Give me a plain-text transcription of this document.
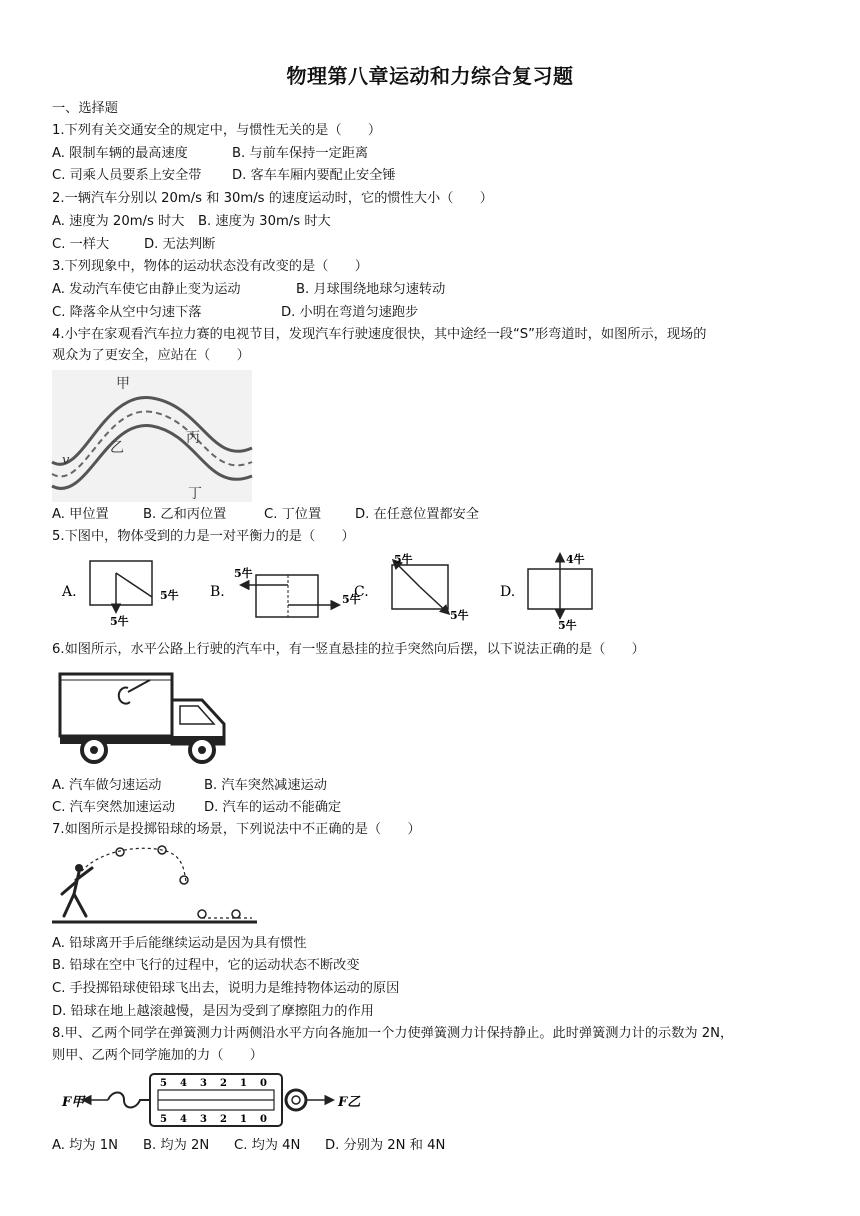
物理第八章运动和力综合复习题
一、选择题
1.下列有关交通安全的规定中，与惯性无关的是（　　）
A. 限制车辆的最高速度	B. 与前车保持一定距离
C. 司乘人员要系上安全带 D. 客车车厢内要配止安全锤
2.一辆汽车分别以 20m/s 和 30m/s 的速度运动时，它的惯性大小（　　）
A. 速度为 20m/s 时大 B. 速度为 30m/s 时大
C. 一样大	D. 无法判断
3.下列现象中，物体的运动状态没有改变的是（　　）
A. 发动汽车使它由静止变为运动	B. 月球围绕地球匀速转动
C. 降落伞从空中匀速下落	D. 小明在弯道匀速跑步
4.小宇在家观看汽车拉力赛的电视节目，发现汽车行驶速度很快，其中途经一段“S”形弯道时，如图所示，现场的
观众为了更安全，应站在（　　）
甲
乙
丙
丁
v
A. 甲位置	B. 乙和丙位置	C. 丁位置	D. 在任意位置都安全
5.下图中，物体受到的力是一对平衡力的是（　　）
A.
5牛
5牛 B.
5牛
5牛
C.
5牛
5牛
D.
4牛
5牛
6.如图所示，水平公路上行驶的汽车中，有一竖直悬挂的拉手突然向后摆，以下说法正确的是（　　）
A. 汽车做匀速运动	B. 汽车突然减速运动
C. 汽车突然加速运动 D. 汽车的运动不能确定
7.如图所示是投掷铅球的场景，下列说法中不正确的是（　　）
A. 铅球离开手后能继续运动是因为具有惯性
B. 铅球在空中飞行的过程中，它的运动状态不断改变
C. 手投掷铅球使铅球飞出去，说明力是维持物体运动的原因
D. 铅球在地上越滚越慢，是因为受到了摩擦阻力的作用
8.甲、乙两个同学在弹簧测力计两侧沿水平方向各施加一个力使弹簧测力计保持静止。此时弹簧测力计的示数为 2N，
则甲、乙两个同学施加的力（　　）
F甲
5 4 3 2 1 0
5 4 3 2 1 0
F乙
A. 均为 1N B. 均为 2N C. 均为 4N D. 分别为 2N 和 4N
